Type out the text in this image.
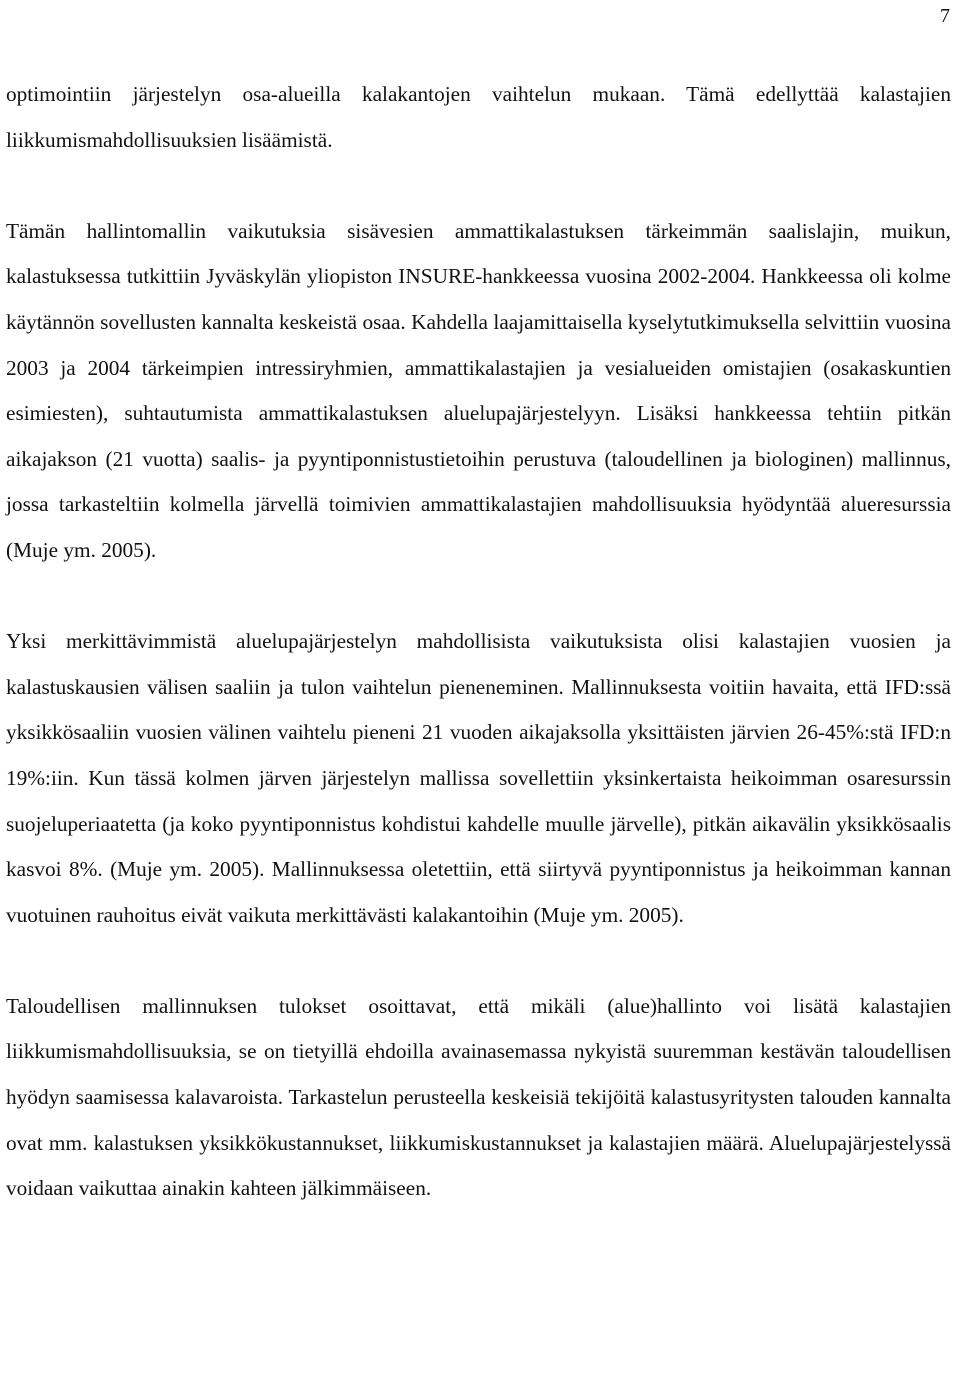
7

optimointiin järjestelyn osa-alueilla kalakantojen vaihtelun mukaan. Tämä edellyttää kalastajien liikkumismahdollisuuksien lisäämistä.

Tämän hallintomallin vaikutuksia sisävesien ammattikalastuksen tärkeimmän saalislajin, muikun, kalastuksessa tutkittiin Jyväskylän yliopiston INSURE-hankkeessa vuosina 2002-2004. Hankkeessa oli kolme käytännön sovellusten kannalta keskeistä osaa. Kahdella laajamittaisella kyselytutkimuksella selvittiin vuosina 2003 ja 2004 tärkeimpien intressiryhmien, ammattikalastajien ja vesialueiden omistajien (osakaskuntien esimiesten), suhtautumista ammattikalastuksen aluelupajärjestelyyn. Lisäksi hankkeessa tehtiin pitkän aikajakson (21 vuotta) saalis- ja pyyntiponnistustietoihin perustuva (taloudellinen ja biologinen) mallinnus, jossa tarkasteltiin kolmella järvellä toimivien ammattikalastajien mahdollisuuksia hyödyntää alueresurssia (Muje ym. 2005).

Yksi merkittävimmistä aluelupajärjestelyn mahdollisista vaikutuksista olisi kalastajien vuosien ja kalastuskausien välisen saaliin ja tulon vaihtelun pieneneminen. Mallinnuksesta voitiin havaita, että IFD:ssä yksikkösaaliin vuosien välinen vaihtelu pieneni 21 vuoden aikajaksolla yksittäisten järvien 26-45%:stä IFD:n 19%:iin. Kun tässä kolmen järven järjestelyn mallissa sovellettiin yksinkertaista heikoimman osaresurssin suojeluperiaatetta (ja koko pyyntiponnistus kohdistui kahdelle muulle järvelle), pitkän aikavälin yksikkösaalis kasvoi 8%. (Muje ym. 2005). Mallinnuksessa oletettiin, että siirtyvä pyyntiponnistus ja heikoimman kannan vuotuinen rauhoitus eivät vaikuta merkittävästi kalakantoihin (Muje ym. 2005).

Taloudellisen mallinnuksen tulokset osoittavat, että mikäli (alue)hallinto voi lisätä kalastajien liikkumismahdollisuuksia, se on tietyillä ehdoilla avainasemassa nykyistä suuremman kestävän taloudellisen hyödyn saamisessa kalavaroista. Tarkastelun perusteella keskeisiä tekijöitä kalastusyritysten talouden kannalta ovat mm. kalastuksen yksikkökustannukset, liikkumiskustannukset ja kalastajien määrä. Aluelupajärjestelyssä voidaan vaikuttaa ainakin kahteen jälkimmäiseen.
